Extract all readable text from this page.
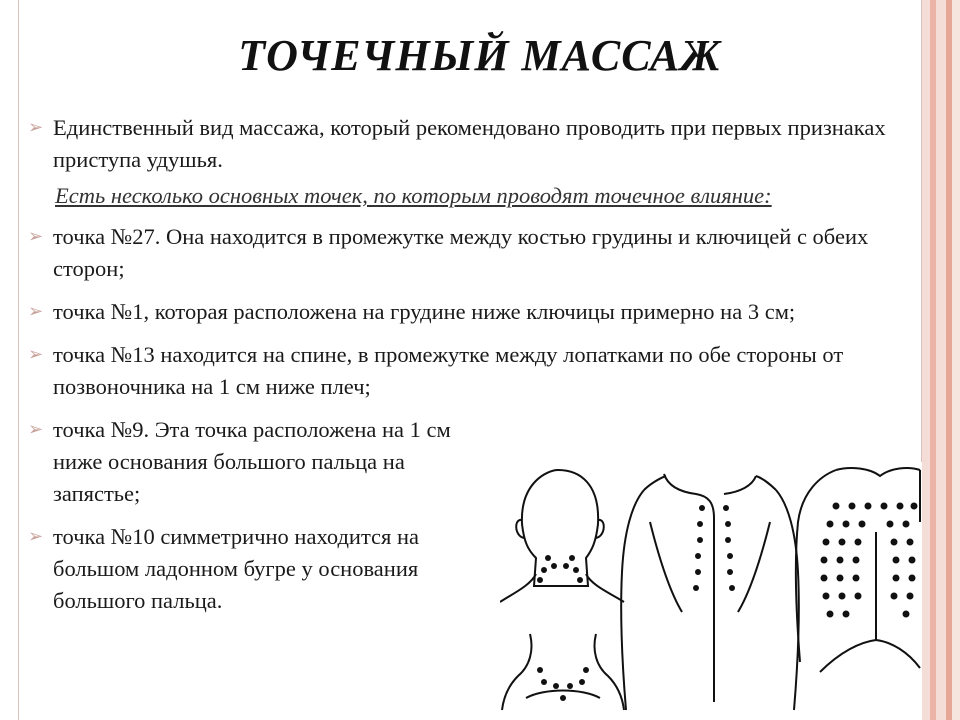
ТОЧЕЧНЫЙ МАССАЖ
➢ Единственный вид массажа, который рекомендовано проводить при первых признаках приступа удушья.
Есть несколько основных точек, по которым проводят точечное влияние:
➢ точка №27. Она находится в промежутке между костью грудины и ключицей с обеих сторон;
➢ точка №1, которая расположена на грудине ниже ключицы примерно на 3 см;
➢ точка №13 находится на спине, в промежутке между лопатками по обе стороны от позвоночника на 1 см ниже плеч;
➢ точка №9. Эта точка расположена на 1 см ниже основания большого пальца на запястье;
➢ точка №10 симметрично находится на большом ладонном бугре у основания большого пальца.
